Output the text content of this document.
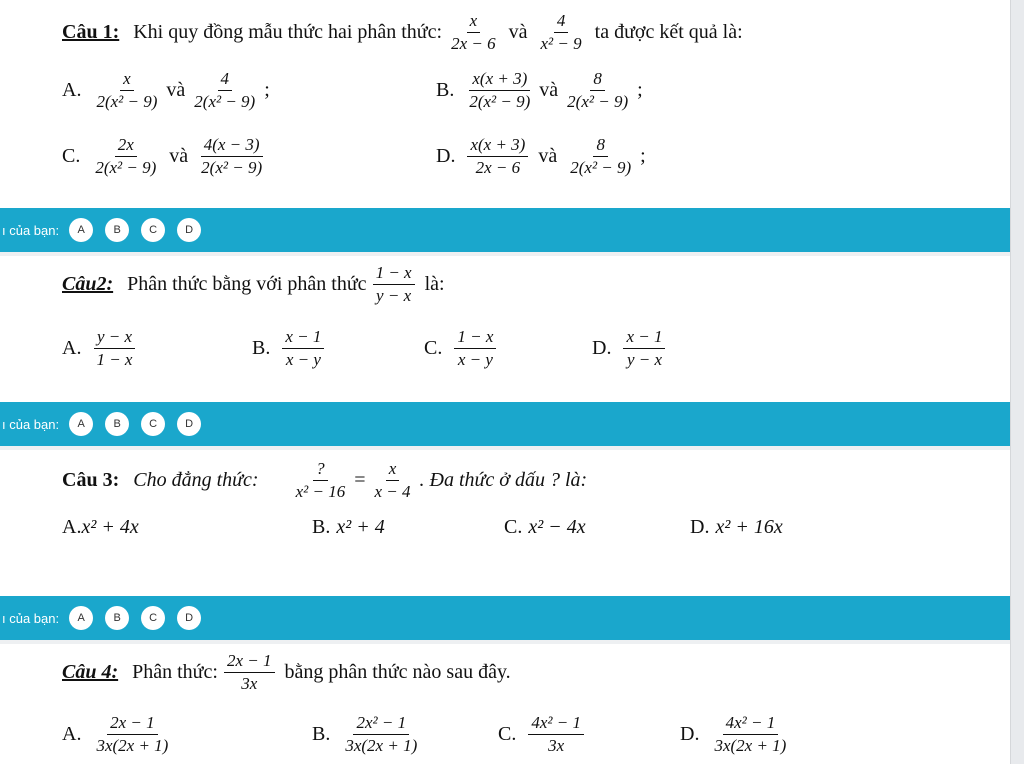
Câu 1: Khi quy đồng mẫu thức hai phân thức: $\frac{x}{2x - 6}$ và $\frac{4}{\text{x² − 9}}$ ta được kết quả là:
A. $\frac{x}{\text{2(x² − 9)}}$ và $\frac{4}{\text{2(x² − 9)}}$ ;	B. $\frac{x(x + 3)}{\text{2(x² − 9)}}$ và $\frac{8}{\text{2(x² − 9)}}$ ;
C. $\frac{2x}{\text{2(x² − 9)}}$ và $\frac{4(x - 3)}{\text{2(x² − 9)}}$	D. $\frac{x(x + 3)}{2x - 6}$ và $\frac{8}{\text{2(x² − 9)}}$ ;
ı của bạn:	A	B	C	D
Câu2: Phân thức bằng với phân thức $\frac{1 - x}{y - x}$ là:
A. $\frac{y - x}{1 - x}$	B. $\frac{x - 1}{x - y}$	C. $\frac{1 - x}{x - y}$	D. $\frac{x - 1}{y - x}$
ı của bạn:	A	B	C	D
Câu 3: Cho đẳng thức: $\frac{?}{\text{x² − 16}} = \frac{x}{x - 4}$ . Đa thức ở dấu ? là:
A. x² + 4x	B. x² + 4	C. x² − 4x	D. x² + 16x
ı của bạn:	A	B	C	D
Câu 4: Phân thức: $\frac{2x - 1}{3x}$ bằng phân thức nào sau đây.
A. $\frac{2x - 1}{3x(2x + 1)}$	B. $\frac{\text{2x² − 1}}{3x(2x + 1)}$	C. $\frac{\text{4x² − 1}}{3x}$	D. $\frac{\text{4x² − 1}}{3x(2x + 1)}$
